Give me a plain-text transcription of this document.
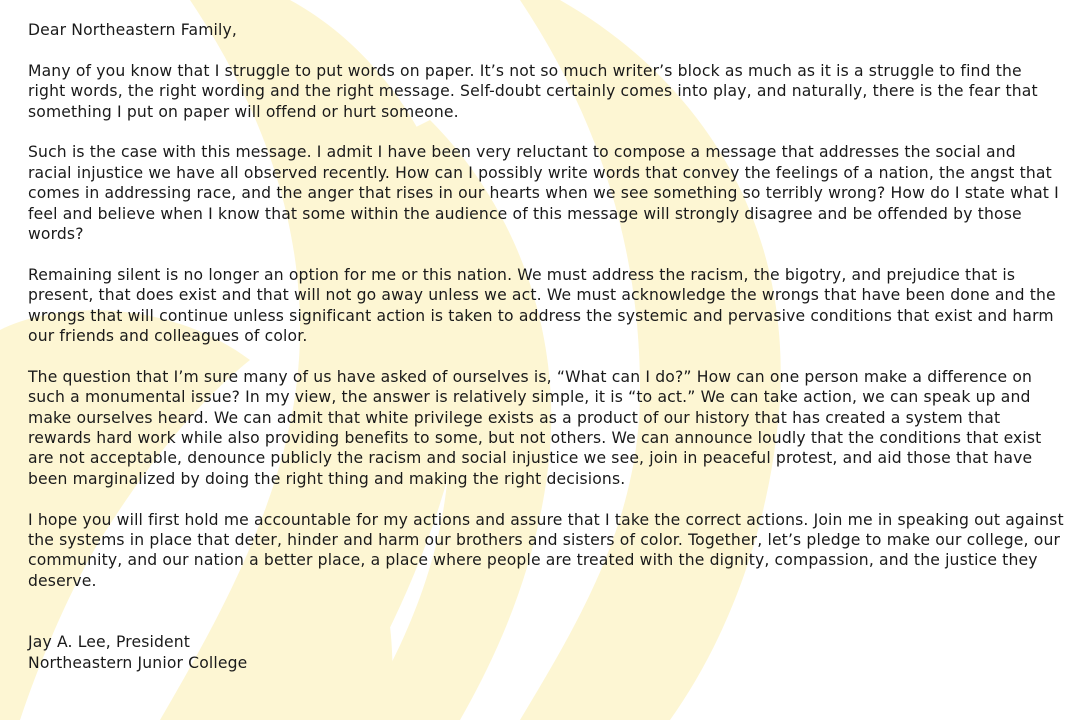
Dear Northeastern Family,

Many of you know that I struggle to put words on paper. It’s not so much writer’s block as much as it is a struggle to find the right words, the right wording and the right message. Self-doubt certainly comes into play, and naturally, there is the fear that something I put on paper will offend or hurt someone.

Such is the case with this message. I admit I have been very reluctant to compose a message that addresses the social and racial injustice we have all observed recently. How can I possibly write words that convey the feelings of a nation, the angst that comes in addressing race, and the anger that rises in our hearts when we see something so terribly wrong? How do I state what I feel and believe when I know that some within the audience of this message will strongly disagree and be offended by those words?

Remaining silent is no longer an option for me or this nation. We must address the racism, the bigotry, and prejudice that is present, that does exist and that will not go away unless we act. We must acknowledge the wrongs that have been done and the wrongs that will continue unless significant action is taken to address the systemic and pervasive conditions that exist and harm our friends and colleagues of color.

The question that I’m sure many of us have asked of ourselves is, “What can I do?” How can one person make a difference on such a monumental issue? In my view, the answer is relatively simple, it is “to act.” We can take action, we can speak up and make ourselves heard. We can admit that white privilege exists as a product of our history that has created a system that rewards hard work while also providing benefits to some, but not others. We can announce loudly that the conditions that exist are not acceptable, denounce publicly the racism and social injustice we see, join in peaceful protest, and aid those that have been marginalized by doing the right thing and making the right decisions.

I hope you will first hold me accountable for my actions and assure that I take the correct actions. Join me in speaking out against the systems in place that deter, hinder and harm our brothers and sisters of color. Together, let’s pledge to make our college, our community, and our nation a better place, a place where people are treated with the dignity, compassion, and the justice they deserve.

Jay A. Lee, President
Northeastern Junior College
